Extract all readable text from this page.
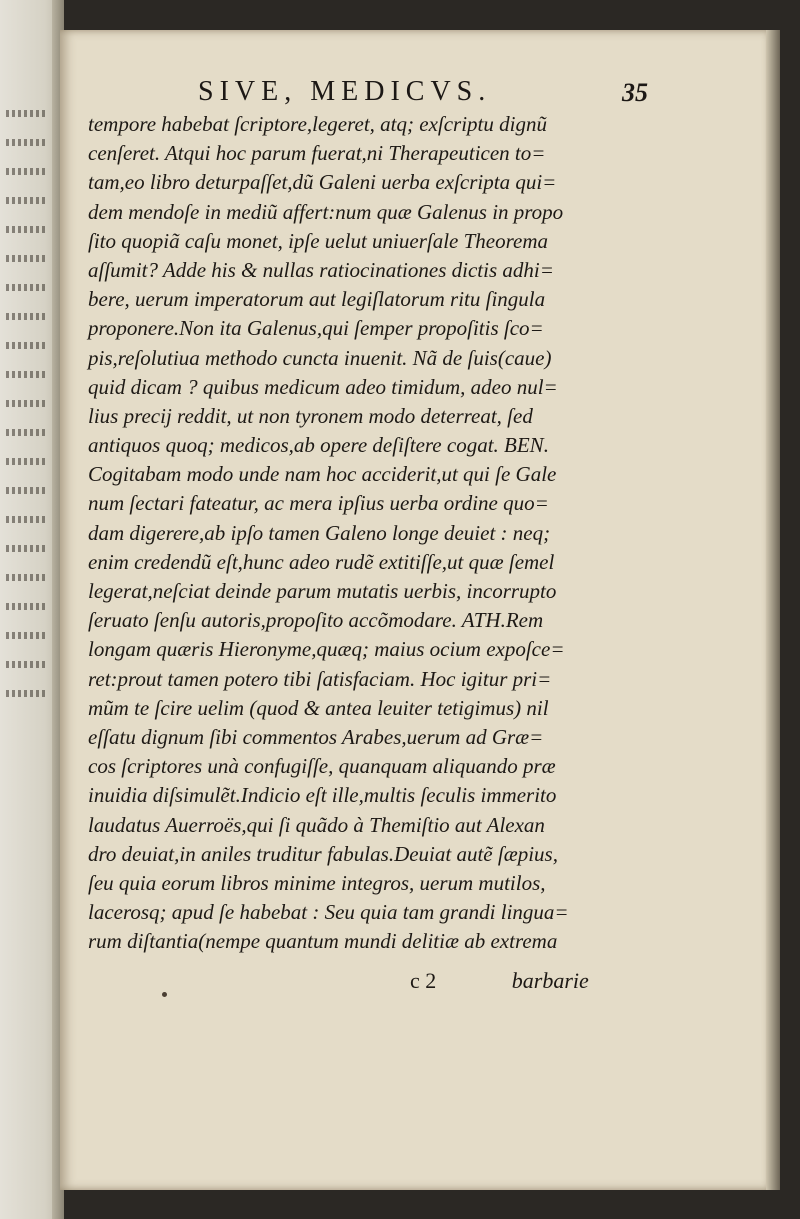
SIVE, MEDICVS.	35
tempore habebat ſcriptore,legeret, atq; exſcriptu dignũ
cenſeret. Atqui hoc parum fuerat,ni Therapeuticen to=
tam,eo libro deturpaſſet,dũ Galeni uerba exſcripta qui=
dem mendoſe in mediũ affert:num quæ Galenus in propo
ſito quopiã caſu monet, ipſe uelut uniuerſale Theorema
aſſumit? Adde his & nullas ratiocinationes dictis adhi=
bere, uerum imperatorum aut legiſlatorum ritu ſingula
proponere.Non ita Galenus,qui ſemper propoſitis ſco=
pis,reſolutiua methodo cuncta inuenit. Nã de ſuis(caue)
quid dicam ? quibus medicum adeo timidum, adeo nul=
lius precij reddit, ut non tyronem modo deterreat, ſed
antiquos quoq; medicos,ab opere deſiſtere cogat. BEN.
Cogitabam modo unde nam hoc acciderit,ut qui ſe Gale
num ſectari fateatur, ac mera ipſius uerba ordine quo=
dam digerere,ab ipſo tamen Galeno longe deuiet : neq;
enim credendũ eſt,hunc adeo rudẽ extitiſſe,ut quæ ſemel
legerat,neſciat deinde parum mutatis uerbis, incorrupto
ſeruato ſenſu autoris,propoſito accõmodare. ATH.Rem
longam quæris Hieronyme,quæq; maius ocium expoſce=
ret:prout tamen potero tibi ſatisfaciam. Hoc igitur pri=
mũm te ſcire uelim (quod & antea leuiter tetigimus) nil
eſſatu dignum ſibi commentos Arabes,uerum ad Græ=
cos ſcriptores unà confugiſſe, quanquam aliquando præ
inuidia diſsimulẽt.Indicio eſt ille,multis ſeculis immerito
laudatus Auerroës,qui ſi quãdo à Themiſtio aut Alexan
dro deuiat,in aniles truditur fabulas.Deuiat autẽ ſæpius,
ſeu quia eorum libros minime integros, uerum mutilos,
lacerosq; apud ſe habebat : Seu quia tam grandi lingua=
rum diſtantia(nempe quantum mundi delitiæ ab extrema
c 2	barbarie
